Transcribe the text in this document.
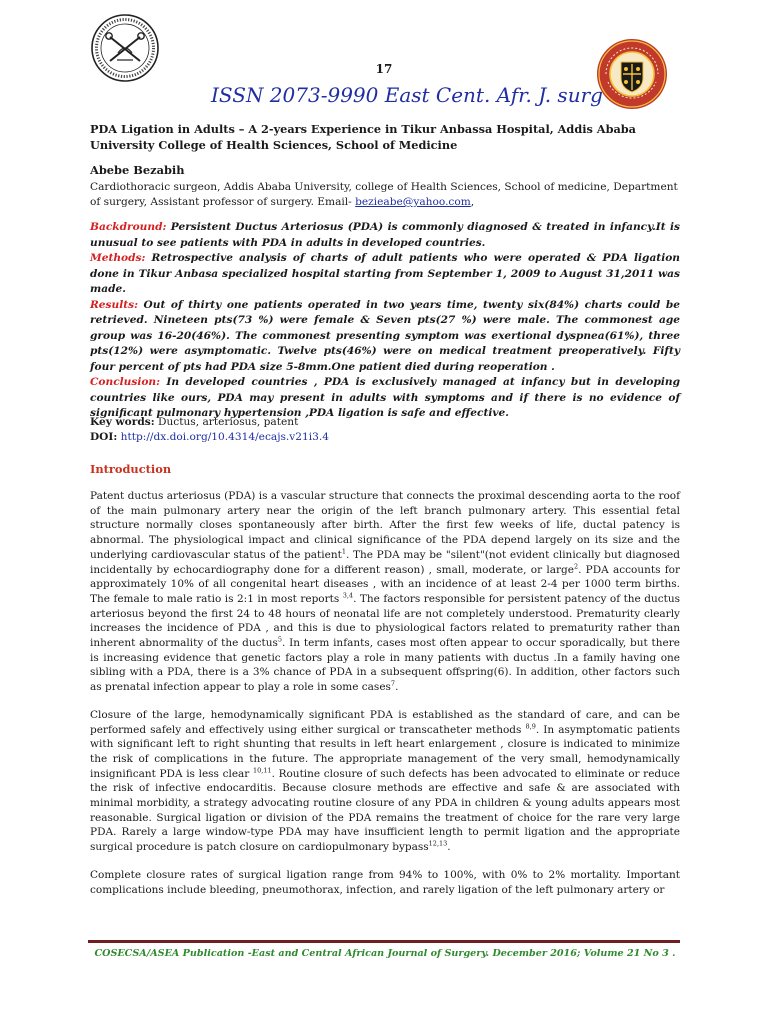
17
ISSN 2073-9990 East Cent. Afr. J. surg
PDA Ligation in Adults – A 2-years Experience in Tikur Anbassa Hospital, Addis Ababa University College of Health Sciences, School of Medicine
Abebe Bezabih
Cardiothoracic surgeon, Addis Ababa University, college of Health Sciences, School of medicine, Department of surgery, Assistant professor of surgery. Email- bezieabe@yahoo.com,

Backdround: Persistent Ductus Arteriosus (PDA) is commonly diagnosed & treated in infancy.It is unusual to see patients with PDA in adults in developed countries.

Methods: Retrospective analysis of charts of adult patients who were operated & PDA ligation done in Tikur Anbasa specialized hospital starting from September 1, 2009 to August 31,2011 was made.

Results: Out of thirty one patients operated in two years time, twenty six(84%) charts could be retrieved. Nineteen pts(73 %) were female & Seven pts(27 %) were male. The commonest age group was 16-20(46%). The commonest presenting symptom was exertional dyspnea(61%), three pts(12%) were asymptomatic. Twelve pts(46%) were on medical treatment preoperatively. Fifty four percent of pts had PDA size 5-8mm.One patient died during reoperation .

Conclusion: In developed countries , PDA is exclusively managed at infancy but in developing countries like ours, PDA may present in adults with symptoms and if there is no evidence of significant pulmonary hypertension ,PDA ligation is safe and effective.

Key words: Ductus, arteriosus, patent
DOI: http://dx.doi.org/10.4314/ecajs.v21i3.4
Introduction

Patent ductus arteriosus (PDA) is a vascular structure that connects the proximal descending aorta to the roof of the main pulmonary artery near the origin of the left branch pulmonary artery. This essential fetal structure normally closes spontaneously after birth. After the first few weeks of life, ductal patency is abnormal. The physiological impact and clinical significance of the PDA depend largely on its size and the underlying cardiovascular status of the patient$^1$. The PDA may be "silent"(not evident clinically but diagnosed incidentally by echocardiography done for a different reason) , small, moderate, or large$^2$. PDA accounts for approximately 10% of all congenital heart diseases , with an incidence of at least 2-4 per 1000 term births. The female to male ratio is 2:1 in most reports $^{3,4}$. The factors responsible for persistent patency of the ductus arteriosus beyond the first 24 to 48 hours of neonatal life are not completely understood. Prematurity clearly increases the incidence of PDA , and this is due to physiological factors related to prematurity rather than inherent abnormality of the ductus$^5$. In term infants, cases most often appear to occur sporadically, but there is increasing evidence that genetic factors play a role in many patients with ductus .In a family having one sibling with a PDA, there is a 3% chance of PDA in a subsequent offspring(6). In addition, other factors such as prenatal infection appear to play a role in some cases$^7$.

Closure of the large, hemodynamically significant PDA is established as the standard of care, and can be performed safely and effectively using either surgical or transcatheter methods $^{8,9}$. In asymptomatic patients with significant left to right shunting that results in left heart enlargement , closure is indicated to minimize the risk of complications in the future. The appropriate management of the very small, hemodynamically insignificant PDA is less clear $^{10,11}$. Routine closure of such defects has been advocated to eliminate or reduce the risk of infective endocarditis. Because closure methods are effective and safe & are associated with minimal morbidity, a strategy advocating routine closure of any PDA in children & young adults appears most reasonable. Surgical ligation or division of the PDA remains the treatment of choice for the rare very large PDA. Rarely a large window-type PDA may have insufficient length to permit ligation and the appropriate surgical procedure is patch closure on cardiopulmonary bypass$^{12,13}$.

Complete closure rates of surgical ligation range from 94% to 100%, with 0% to 2% mortality. Important complications include bleeding, pneumothorax, infection, and rarely ligation of the left pulmonary artery or

COSECSA/ASEA Publication -East and Central African Journal of Surgery. December 2016; Volume 21 No 3 .
